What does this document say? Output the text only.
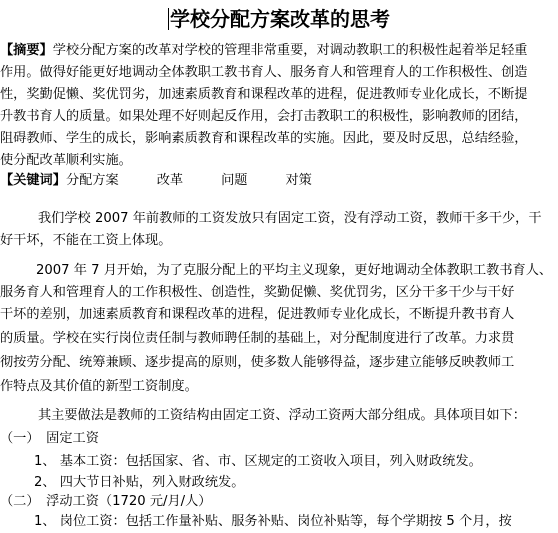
学校分配方案改革的思考
【摘要】学校分配方案的改革对学校的管理非常重要，对调动教职工的积极性起着举足轻重
作用。做得好能更好地调动全体教职工教书育人、服务育人和管理育人的工作积极性、创造
性，奖勤促懒、奖优罚劣，加速素质教育和课程改革的进程，促进教师专业化成长，不断提
升教书育人的质量。如果处理不好则起反作用，会打击教职工的积极性，影响教师的团结，
阻碍教师、学生的成长，影响素质教育和课程改革的实施。因此，要及时反思，总结经验，
使分配改革顺利实施。
【关键词】分配方案	改革	问题	对策
我们学校 2007 年前教师的工资发放只有固定工资，没有浮动工资，教师干多干少，干
好干坏，不能在工资上体现。
2007 年 7 月开始，为了克服分配上的平均主义现象，更好地调动全体教职工教书育人、
服务育人和管理育人的工作积极性、创造性，奖勤促懒、奖优罚劣，区分干多干少与干好
干坏的差别，加速素质教育和课程改革的进程，促进教师专业化成长，不断提升教书育人
的质量。学校在实行岗位责任制与教师聘任制的基础上，对分配制度进行了改革。力求贯
彻按劳分配、统筹兼顾、逐步提高的原则，使多数人能够得益，逐步建立能够反映教师工
作特点及其价值的新型工资制度。
其主要做法是教师的工资结构由固定工资、浮动工资两大部分组成。具体项目如下：
（一）　固定工资
1、 基本工资：包括国家、省、市、区规定的工资收入项目，列入财政统发。
2、 四大节日补贴，列入财政统发。
（二）　浮动工资（1720 元/月/人）
1、 岗位工资：包括工作量补贴、服务补贴、岗位补贴等，每个学期按 5 个月，按
